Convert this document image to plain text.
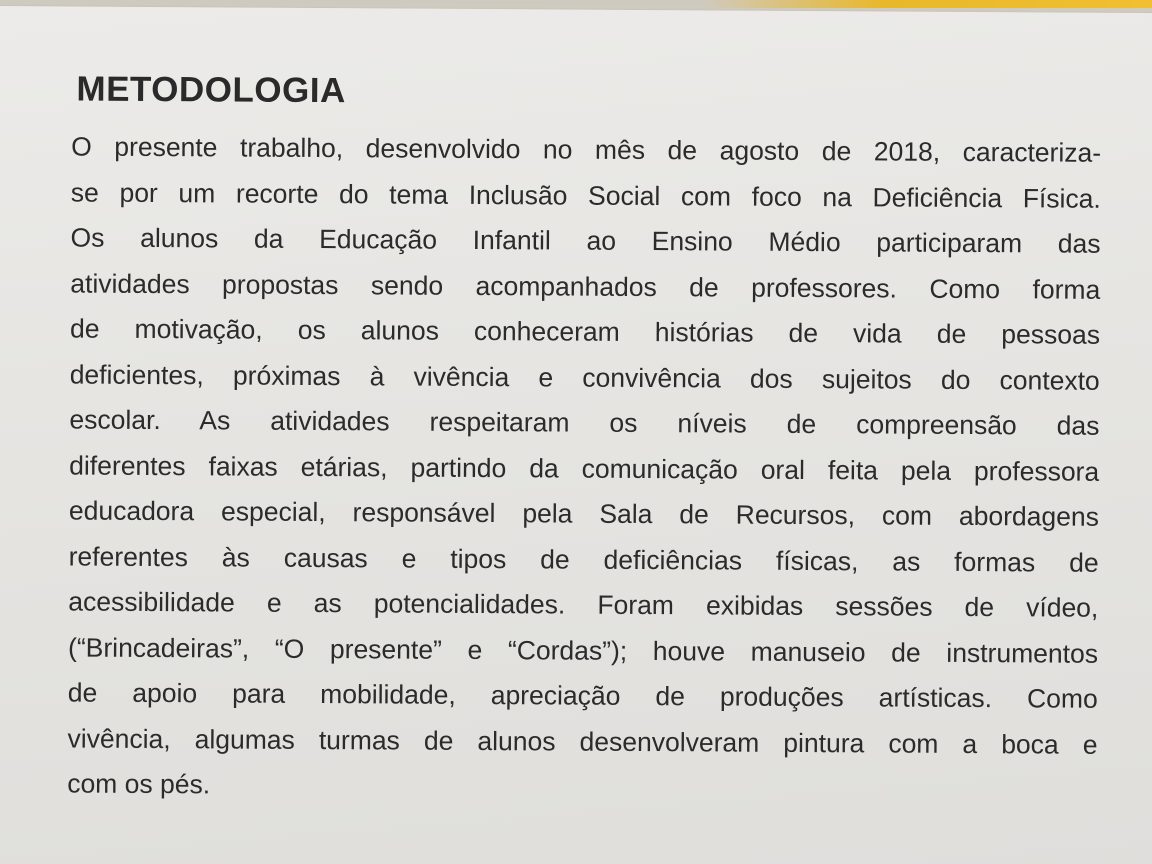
METODOLOGIA
O presente trabalho, desenvolvido no mês de agosto de 2018, caracteriza-
se por um recorte do tema Inclusão Social com foco na Deficiência Física.
Os alunos da Educação Infantil ao Ensino Médio participaram das
atividades propostas sendo acompanhados de professores. Como forma
de motivação, os alunos conheceram histórias de vida de pessoas
deficientes, próximas à vivência e convivência dos sujeitos do contexto
escolar. As atividades respeitaram os níveis de compreensão das
diferentes faixas etárias, partindo da comunicação oral feita pela professora
educadora especial, responsável pela Sala de Recursos, com abordagens
referentes às causas e tipos de deficiências físicas, as formas de
acessibilidade e as potencialidades. Foram exibidas sessões de vídeo,
(“Brincadeiras”, “O presente” e “Cordas”); houve manuseio de instrumentos
de apoio para mobilidade, apreciação de produções artísticas. Como
vivência, algumas turmas de alunos desenvolveram pintura com a boca e
com os pés.
